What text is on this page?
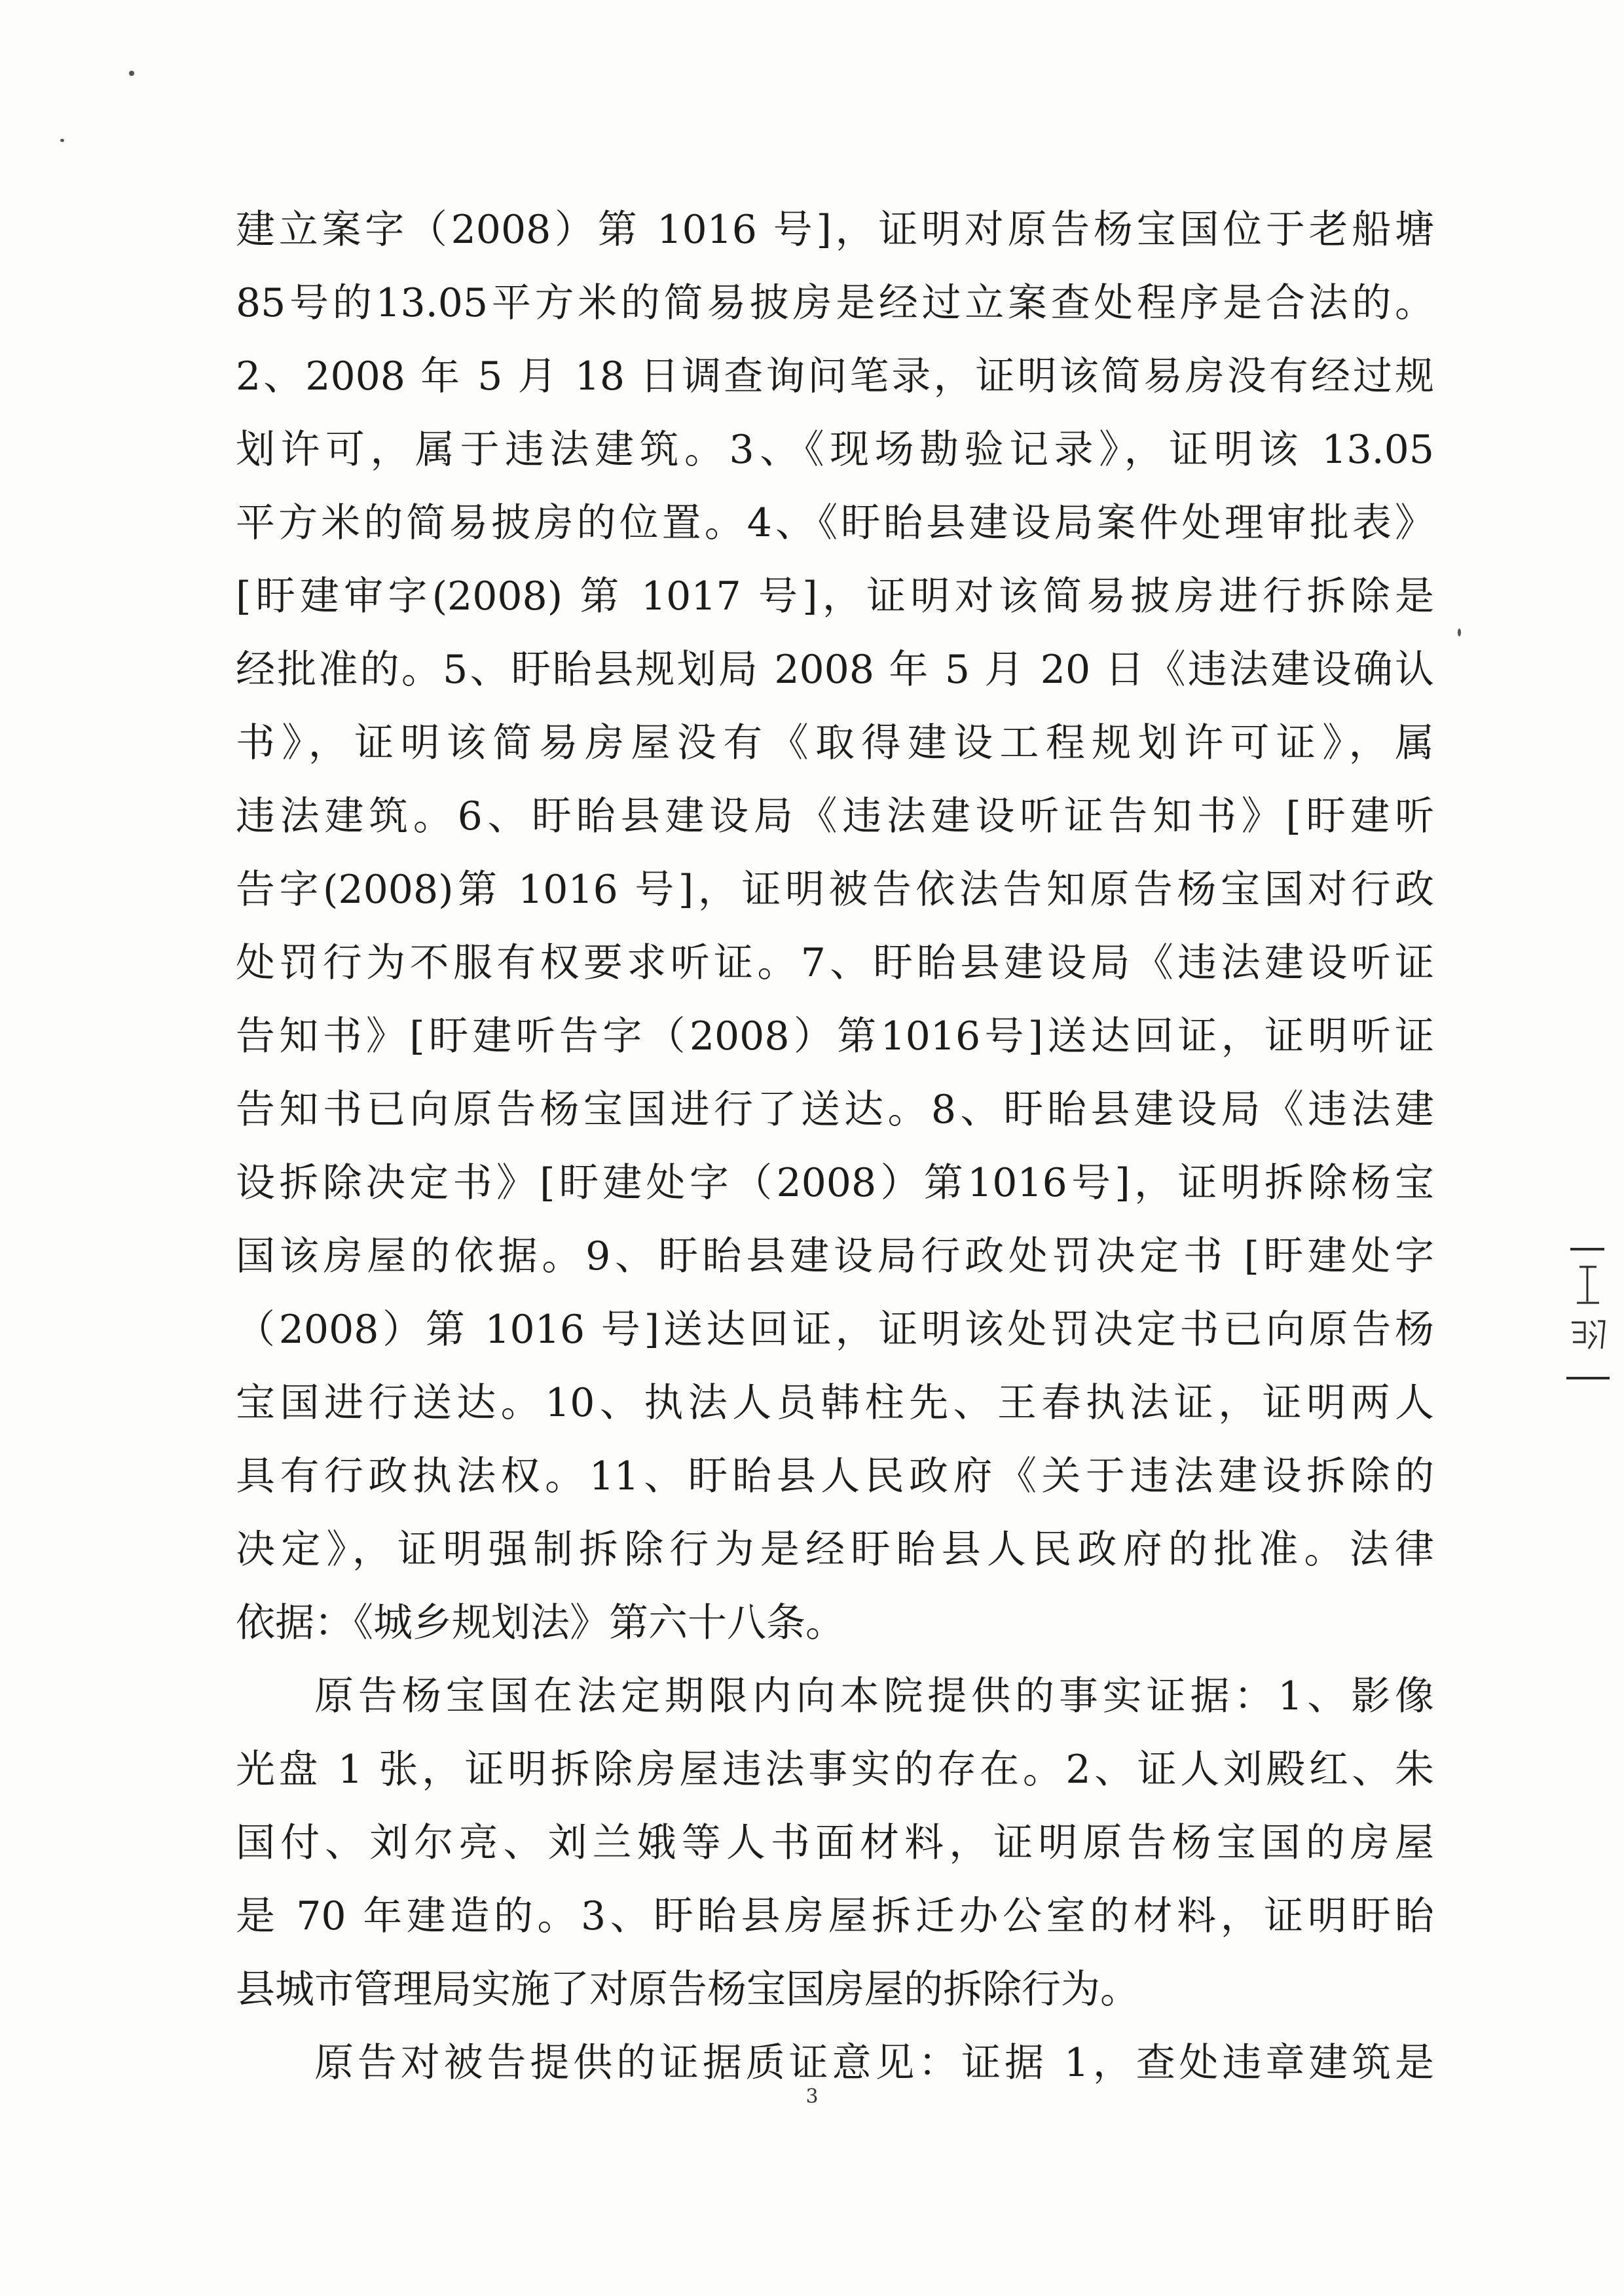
建立案字（2008）第 1016 号]，证明对原告杨宝国位于老船塘
85号的13.05平方米的简易披房是经过立案查处程序是合法的。
2、2008 年 5 月 18 日调查询问笔录，证明该简易房没有经过规
划许可，属于违法建筑。3、《现场勘验记录》，证明该 13.05
平方米的简易披房的位置。4、《盱眙县建设局案件处理审批表》
[盱建审字(2008) 第 1017 号]，证明对该简易披房进行拆除是
经批准的。5、盱眙县规划局 2008 年 5 月 20 日《违法建设确认
书》，证明该简易房屋没有《取得建设工程规划许可证》，属
违法建筑。6、盱眙县建设局《违法建设听证告知书》[盱建听
告字(2008)第 1016 号]，证明被告依法告知原告杨宝国对行政
处罚行为不服有权要求听证。7、盱眙县建设局《违法建设听证
告知书》[盱建听告字（2008）第1016号]送达回证，证明听证
告知书已向原告杨宝国进行了送达。8、盱眙县建设局《违法建
设拆除决定书》[盱建处字（2008）第1016号]，证明拆除杨宝
国该房屋的依据。9、盱眙县建设局行政处罚决定书 [盱建处字
（2008）第 1016 号]送达回证，证明该处罚决定书已向原告杨
宝国进行送达。10、执法人员韩柱先、王春执法证，证明两人
具有行政执法权。11、盱眙县人民政府《关于违法建设拆除的
决定》，证明强制拆除行为是经盱眙县人民政府的批准。法律
依据：《城乡规划法》第六十八条。
原告杨宝国在法定期限内向本院提供的事实证据：1、影像
光盘 1 张，证明拆除房屋违法事实的存在。2、证人刘殿红、朱
国付、刘尔亮、刘兰娥等人书面材料，证明原告杨宝国的房屋
是 70 年建造的。3、盱眙县房屋拆迁办公室的材料，证明盱眙
县城市管理局实施了对原告杨宝国房屋的拆除行为。
原告对被告提供的证据质证意见：证据 1，查处违章建筑是
3
